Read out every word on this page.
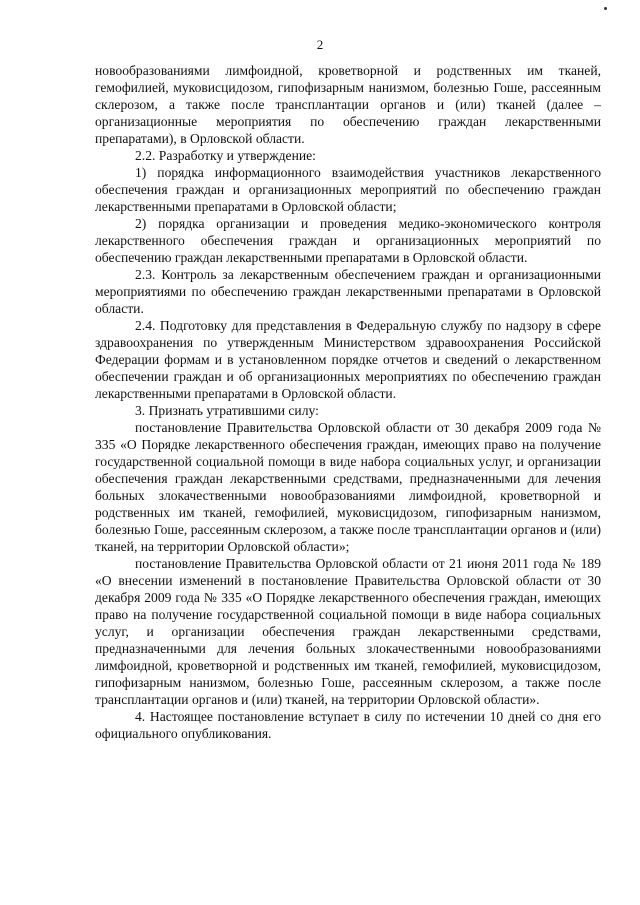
2

новообразованиями лимфоидной, кроветворной и родственных им тканей, гемофилией, муковисцидозом, гипофизарным нанизмом, болезнью Гоше, рассеянным склерозом, а также после трансплантации органов и (или) тканей (далее – организационные мероприятия по обеспечению граждан лекарственными препаратами), в Орловской области.

2.2. Разработку и утверждение:

1) порядка информационного взаимодействия участников лекарственного обеспечения граждан и организационных мероприятий по обеспечению граждан лекарственными препаратами в Орловской области;

2) порядка организации и проведения медико-экономического контроля лекарственного обеспечения граждан и организационных мероприятий по обеспечению граждан лекарственными препаратами в Орловской области.

2.3. Контроль за лекарственным обеспечением граждан и организационными мероприятиями по обеспечению граждан лекарственными препаратами в Орловской области.

2.4. Подготовку для представления в Федеральную службу по надзору в сфере здравоохранения по утвержденным Министерством здравоохранения Российской Федерации формам и в установленном порядке отчетов и сведений о лекарственном обеспечении граждан и об организационных мероприятиях по обеспечению граждан лекарственными препаратами в Орловской области.

3. Признать утратившими силу:

постановление Правительства Орловской области от 30 декабря 2009 года № 335 «О Порядке лекарственного обеспечения граждан, имеющих право на получение государственной социальной помощи в виде набора социальных услуг, и организации обеспечения граждан лекарственными средствами, предназначенными для лечения больных злокачественными новообразованиями лимфоидной, кроветворной и родственных им тканей, гемофилией, муковисцидозом, гипофизарным нанизмом, болезнью Гоше, рассеянным склерозом, а также после трансплантации органов и (или) тканей, на территории Орловской области»;

постановление Правительства Орловской области от 21 июня 2011 года № 189 «О внесении изменений в постановление Правительства Орловской области от 30 декабря 2009 года № 335 «О Порядке лекарственного обеспечения граждан, имеющих право на получение государственной социальной помощи в виде набора социальных услуг, и организации обеспечения граждан лекарственными средствами, предназначенными для лечения больных злокачественными новообразованиями лимфоидной, кроветворной и родственных им тканей, гемофилией, муковисцидозом, гипофизарным нанизмом, болезнью Гоше, рассеянным склерозом, а также после трансплантации органов и (или) тканей, на территории Орловской области».

4. Настоящее постановление вступает в силу по истечении 10 дней со дня его официального опубликования.
